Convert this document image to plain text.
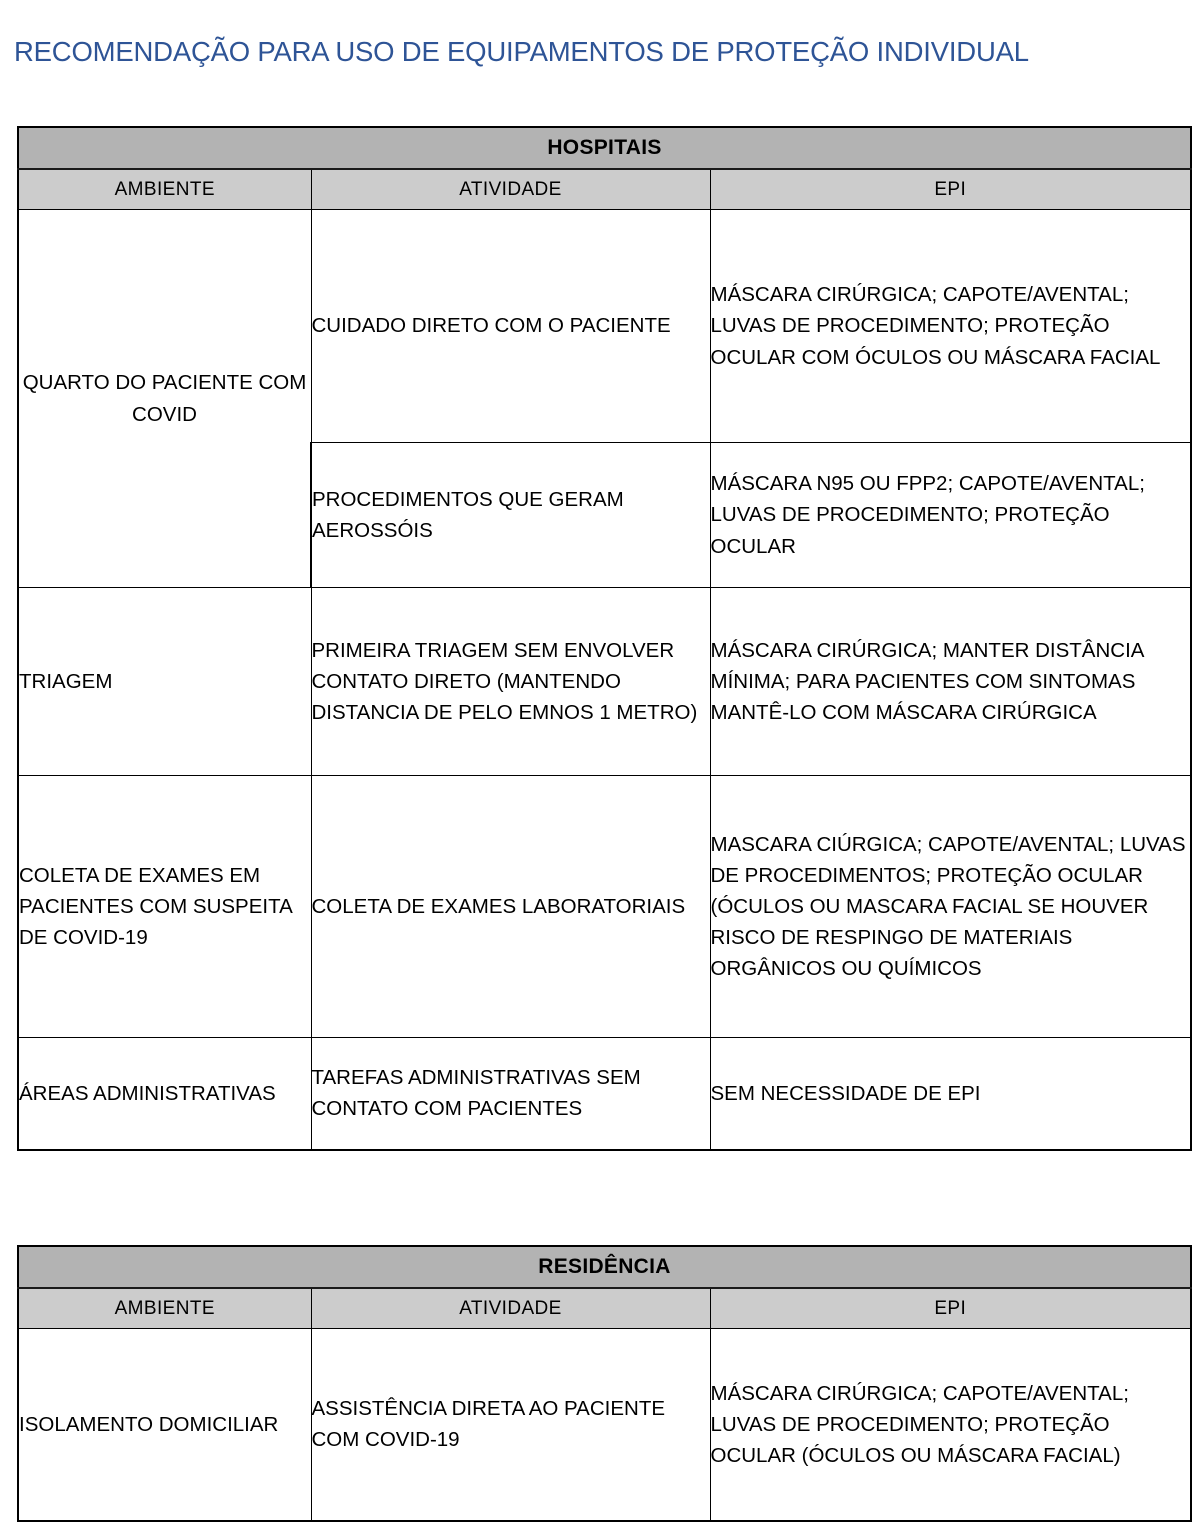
RECOMENDAÇÃO PARA USO DE EQUIPAMENTOS DE PROTEÇÃO INDIVIDUAL
HOSPITAIS		
AMBIENTE	ATIVIDADE	EPI
QUARTO DO PACIENTE COM COVID	CUIDADO DIRETO COM O PACIENTE	MÁSCARA CIRÚRGICA; CAPOTE/AVENTAL; LUVAS DE PROCEDIMENTO; PROTEÇÃO OCULAR COM ÓCULOS OU MÁSCARA FACIAL
	PROCEDIMENTOS QUE GERAM AEROSSÓIS	MÁSCARA N95 OU FPP2; CAPOTE/AVENTAL; LUVAS DE PROCEDIMENTO; PROTEÇÃO OCULAR
TRIAGEM	PRIMEIRA TRIAGEM SEM ENVOLVER CONTATO DIRETO (MANTENDO DISTANCIA DE PELO EMNOS 1 METRO)	MÁSCARA CIRÚRGICA; MANTER DISTÂNCIA MÍNIMA; PARA PACIENTES COM SINTOMAS MANTÊ-LO COM MÁSCARA CIRÚRGICA
COLETA DE EXAMES EM PACIENTES COM SUSPEITA DE COVID-19	COLETA DE EXAMES LABORATORIAIS	MASCARA CIÚRGICA; CAPOTE/AVENTAL; LUVAS DE PROCEDIMENTOS; PROTEÇÃO OCULAR (ÓCULOS OU MASCARA FACIAL SE HOUVER RISCO DE RESPINGO DE MATERIAIS ORGÂNICOS OU QUÍMICOS
ÁREAS ADMINISTRATIVAS	TAREFAS ADMINISTRATIVAS SEM CONTATO COM PACIENTES	SEM NECESSIDADE DE EPI
RESIDÊNCIA		
AMBIENTE	ATIVIDADE	EPI
ISOLAMENTO DOMICILIAR	ASSISTÊNCIA DIRETA AO PACIENTE COM COVID-19	MÁSCARA CIRÚRGICA; CAPOTE/AVENTAL; LUVAS DE PROCEDIMENTO; PROTEÇÃO OCULAR (ÓCULOS OU MÁSCARA FACIAL)
